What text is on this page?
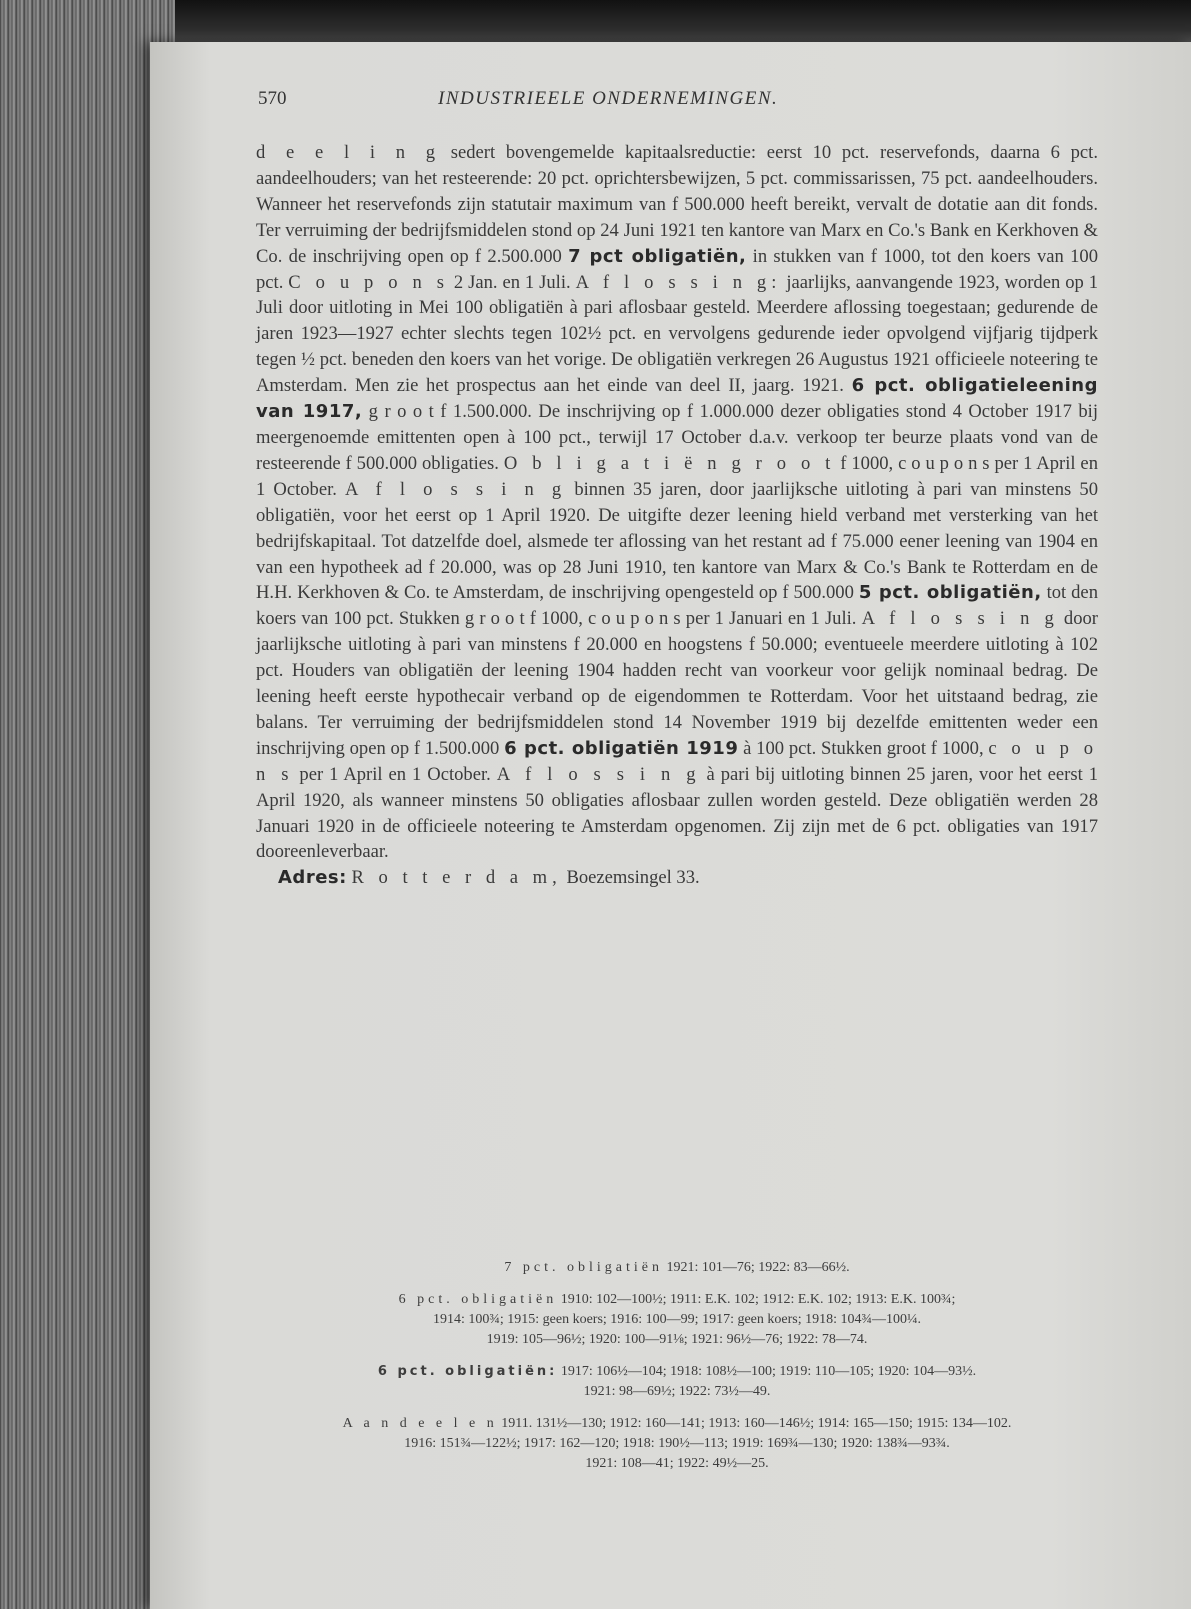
570	INDUSTRIEELE ONDERNEMINGEN.
d e e l i n g sedert bovengemelde kapitaalsreductie: eerst 10 pct. reservefonds, daarna 6 pct. aandeelhouders; van het resteerende: 20 pct. oprichtersbewijzen, 5 pct. commissarissen, 75 pct. aandeelhouders. Wanneer het reservefonds zijn statutair maximum van f 500.000 heeft bereikt, vervalt de dotatie aan dit fonds. Ter verruiming der bedrijfsmiddelen stond op 24 Juni 1921 ten kantore van Marx en Co.'s Bank en Kerkhoven & Co. de inschrijving open op f 2.500.000 7 pct obligatiën, in stukken van f 1000, tot den koers van 100 pct. C o u p o n s 2 Jan. en 1 Juli. A f l o s s i n g: jaarlijks, aanvangende 1923, worden op 1 Juli door uitloting in Mei 100 obligatiën à pari aflosbaar gesteld. Meerdere aflossing toegestaan; gedurende de jaren 1923—1927 echter slechts tegen 102½ pct. en vervolgens gedurende ieder opvolgend vijfjarig tijdperk tegen ½ pct. beneden den koers van het vorige. De obligatiën verkregen 26 Augustus 1921 officieele noteering te Amsterdam. Men zie het prospectus aan het einde van deel II, jaarg. 1921. 6 pct. obligatieleening van 1917, g r o o t f 1.500.000. De inschrijving op f 1.000.000 dezer obligaties stond 4 October 1917 bij meergenoemde emittenten open à 100 pct., terwijl 17 October d.a.v. verkoop ter beurze plaats vond van de resteerende f 500.000 obligaties. O b l i g a t i ë n g r o o t f 1000, c o u p o n s per 1 April en 1 October. A f l o s s i n g binnen 35 jaren, door jaarlijksche uitloting à pari van minstens 50 obligatiën, voor het eerst op 1 April 1920. De uitgifte dezer leening hield verband met versterking van het bedrijfskapitaal. Tot datzelfde doel, alsmede ter aflossing van het restant ad f 75.000 eener leening van 1904 en van een hypotheek ad f 20.000, was op 28 Juni 1910, ten kantore van Marx & Co.'s Bank te Rotterdam en de H.H. Kerkhoven & Co. te Amsterdam, de inschrijving opengesteld op f 500.000 5 pct. obligatiën, tot den koers van 100 pct. Stukken g r o o t f 1000, c o u p o n s per 1 Januari en 1 Juli. A f l o s s i n g door jaarlijksche uitloting à pari van minstens f 20.000 en hoogstens f 50.000; eventueele meerdere uitloting à 102 pct. Houders van obligatiën der leening 1904 hadden recht van voorkeur voor gelijk nominaal bedrag. De leening heeft eerste hypothecair verband op de eigendommen te Rotterdam. Voor het uitstaand bedrag, zie balans. Ter verruiming der bedrijfsmiddelen stond 14 November 1919 bij dezelfde emittenten weder een inschrijving open op f 1.500.000 6 pct. obligatiën 1919 à 100 pct. Stukken groot f 1000, c o u p o n s per 1 April en 1 October. A f l o s s i n g à pari bij uitloting binnen 25 jaren, voor het eerst 1 April 1920, als wanneer minstens 50 obligaties aflosbaar zullen worden gesteld. Deze obligatiën werden 28 Januari 1920 in de officieele noteering te Amsterdam opgenomen. Zij zijn met de 6 pct. obligaties van 1917 dooreenleverbaar.
Adres: R o t t e r d a m, Boezemsingel 33.
7 pct. obligatiën 1921: 101—76; 1922: 83—66½.
6 pct. obligatiën 1910: 102—100½; 1911: E.K. 102; 1912: E.K. 102; 1913: E.K. 100¾;
1914: 100¾; 1915: geen koers; 1916: 100—99; 1917: geen koers; 1918: 104¾—100¼.
1919: 105—96½; 1920: 100—91⅛; 1921: 96½—76; 1922: 78—74.
6 pct. obligatiën: 1917: 106½—104; 1918: 108½—100; 1919: 110—105; 1920: 104—93½.
1921: 98—69½; 1922: 73½—49.
A a n d e e l e n 1911. 131½—130; 1912: 160—141; 1913: 160—146½; 1914: 165—150; 1915: 134—102.
1916: 151¾—122½; 1917: 162—120; 1918: 190½—113; 1919: 169¾—130; 1920: 138¾—93¾.
1921: 108—41; 1922: 49½—25.
